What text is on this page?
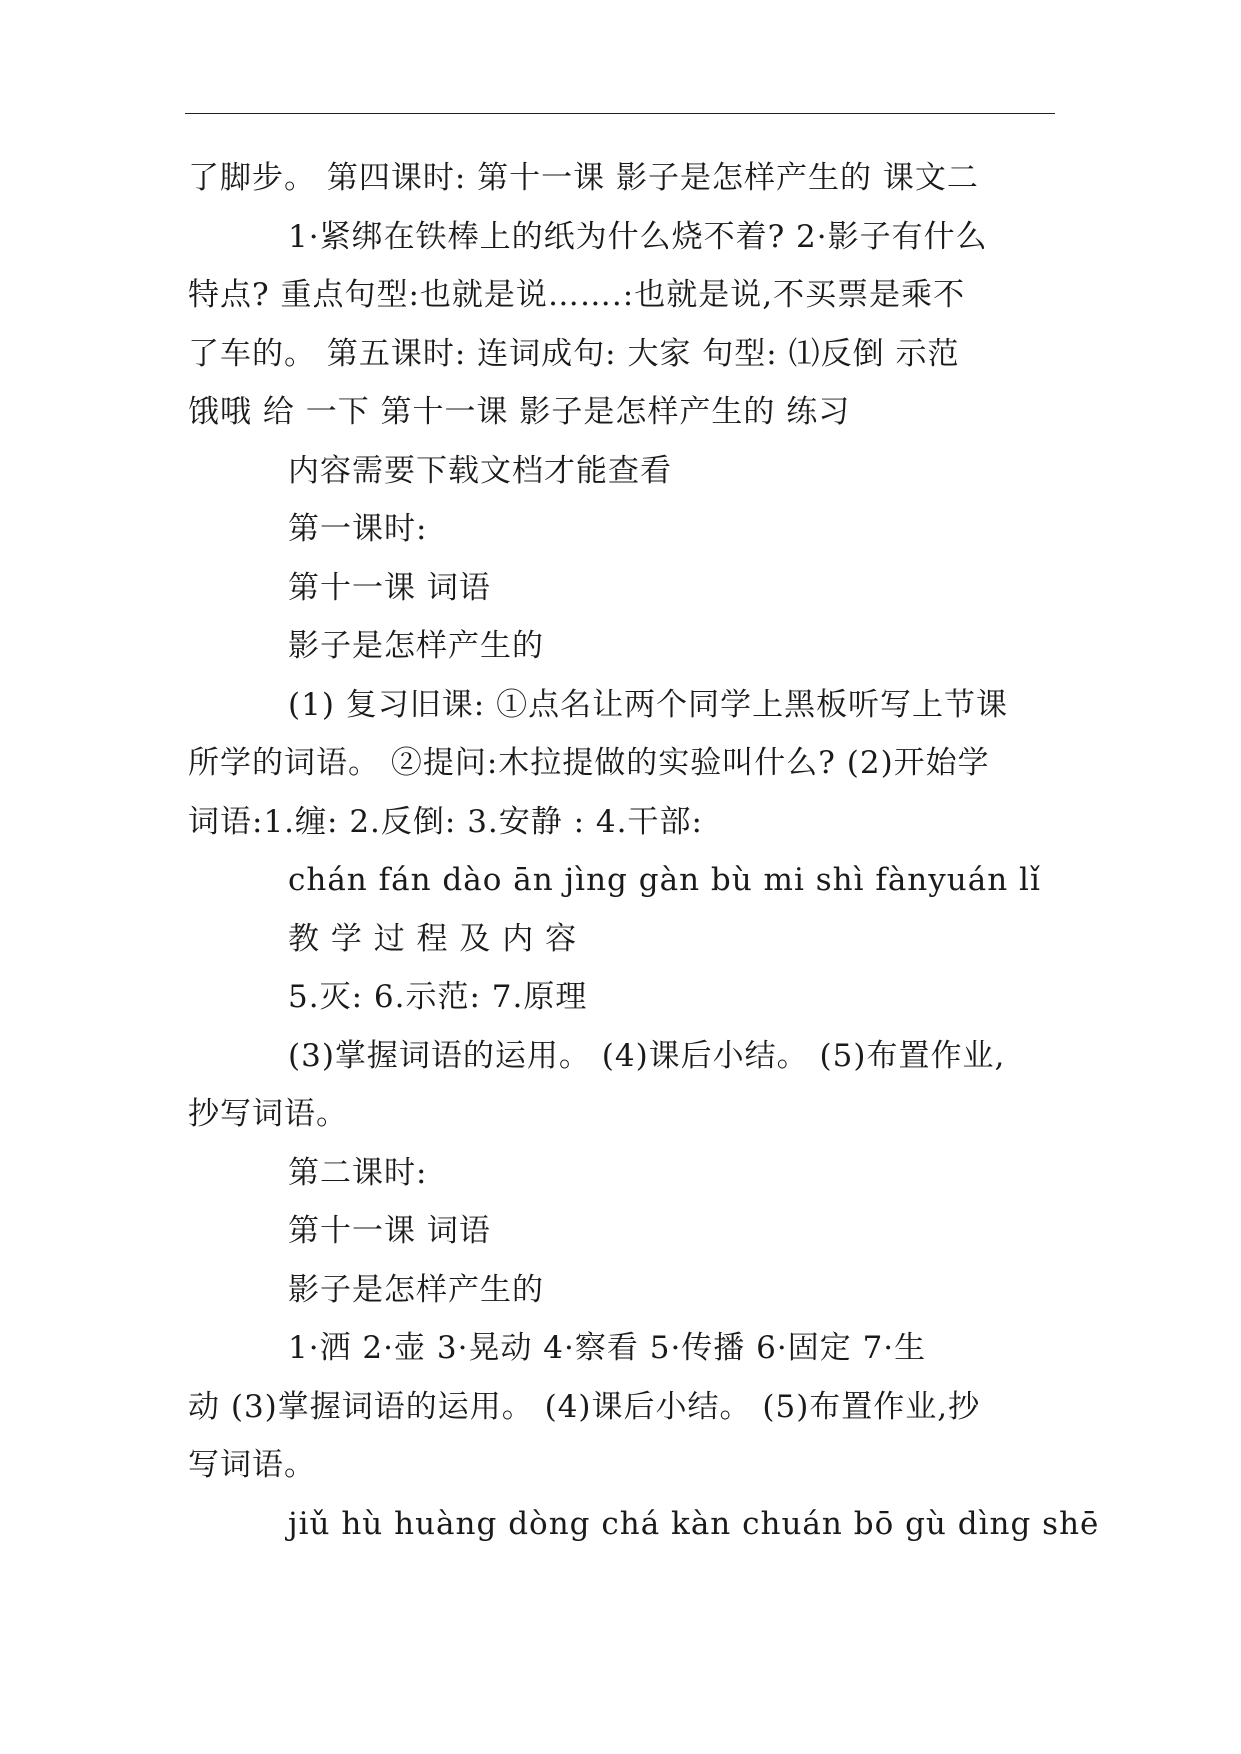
了脚步。 第四课时: 第十一课 影子是怎样产生的 课文二
1·紧绑在铁棒上的纸为什么烧不着? 2·影子有什么
特点? 重点句型:也就是说…….:也就是说,不买票是乘不
了车的。 第五课时: 连词成句: 大家 句型: ⑴反倒 示范
饿哦 给 一下 第十一课 影子是怎样产生的 练习
内容需要下载文档才能查看
第一课时:
第十一课 词语
影子是怎样产生的
(1) 复习旧课: ①点名让两个同学上黑板听写上节课
所学的词语。 ②提问:木拉提做的实验叫什么? (2)开始学
词语:1.缠: 2.反倒: 3.安静 : 4.干部:
chán fán dào ān jìng gàn bù mi shì fànyuán lǐ
教 学 过 程 及 内 容
5.灭: 6.示范: 7.原理
(3)掌握词语的运用。 (4)课后小结。 (5)布置作业,
抄写词语。
第二课时:
第十一课 词语
影子是怎样产生的
1·洒 2·壶 3·晃动 4·察看 5·传播 6·固定 7·生
动 (3)掌握词语的运用。 (4)课后小结。 (5)布置作业,抄
写词语。
jiǔ hù huàng dòng chá kàn chuán bō gù dìng shē
